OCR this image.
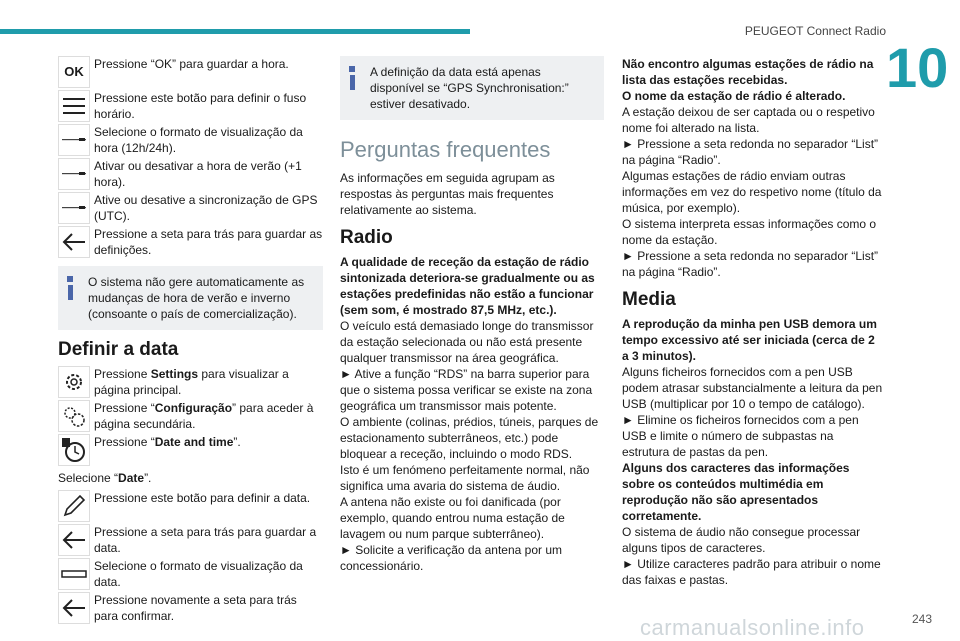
PEUGEOT Connect Radio
10
OK Pressione “OK” para guardar a hora.
Pressione este botão para definir o fuso horário.
Selecione o formato de visualização da hora (12h/24h).
Ativar ou desativar a hora de verão (+1 hora).
Ative ou desative a sincronização de GPS (UTC).
Pressione a seta para trás para guardar as definições.
O sistema não gere automaticamente as mudanças de hora de verão e inverno (consoante o país de comercialização).
Definir a data
Pressione Settings para visualizar a página principal.
Pressione “Configuração” para aceder à página secundária.
Pressione “Date and time”.
Selecione “Date”.
Pressione este botão para definir a data.
Pressione a seta para trás para guardar a data.
Selecione o formato de visualização da data.
Pressione novamente a seta para trás para confirmar.
A definição da data está apenas disponível se “GPS Synchronisation:” estiver desativado.
Perguntas frequentes
As informações em seguida agrupam as respostas às perguntas mais frequentes relativamente ao sistema.
Radio
A qualidade de receção da estação de rádio sintonizada deteriora-se gradualmente ou as estações predefinidas não estão a funcionar (sem som, é mostrado 87,5 MHz, etc.).
O veículo está demasiado longe do transmissor da estação selecionada ou não está presente qualquer transmissor na área geográfica.
► Ative a função “RDS” na barra superior para que o sistema possa verificar se existe na zona geográfica um transmissor mais potente.
O ambiente (colinas, prédios, túneis, parques de estacionamento subterrâneos, etc.) pode bloquear a receção, incluindo o modo RDS.
Isto é um fenómeno perfeitamente normal, não significa uma avaria do sistema de áudio.
A antena não existe ou foi danificada (por exemplo, quando entrou numa estação de lavagem ou num parque subterrâneo).
► Solicite a verificação da antena por um concessionário.
Não encontro algumas estações de rádio na lista das estações recebidas.
O nome da estação de rádio é alterado.
A estação deixou de ser captada ou o respetivo nome foi alterado na lista.
► Pressione a seta redonda no separador “List” na página “Radio”.
Algumas estações de rádio enviam outras informações em vez do respetivo nome (título da música, por exemplo).
O sistema interpreta essas informações como o nome da estação.
► Pressione a seta redonda no separador “List” na página “Radio”.
Media
A reprodução da minha pen USB demora um tempo excessivo até ser iniciada (cerca de 2 a 3 minutos).
Alguns ficheiros fornecidos com a pen USB podem atrasar substancialmente a leitura da pen USB (multiplicar por 10 o tempo de catálogo).
► Elimine os ficheiros fornecidos com a pen USB e limite o número de subpastas na estrutura de pastas da pen.
Alguns dos caracteres das informações sobre os conteúdos multimédia em reprodução não são apresentados corretamente.
O sistema de áudio não consegue processar alguns tipos de caracteres.
► Utilize caracteres padrão para atribuir o nome das faixas e pastas.
carmanualsonline.info	243
